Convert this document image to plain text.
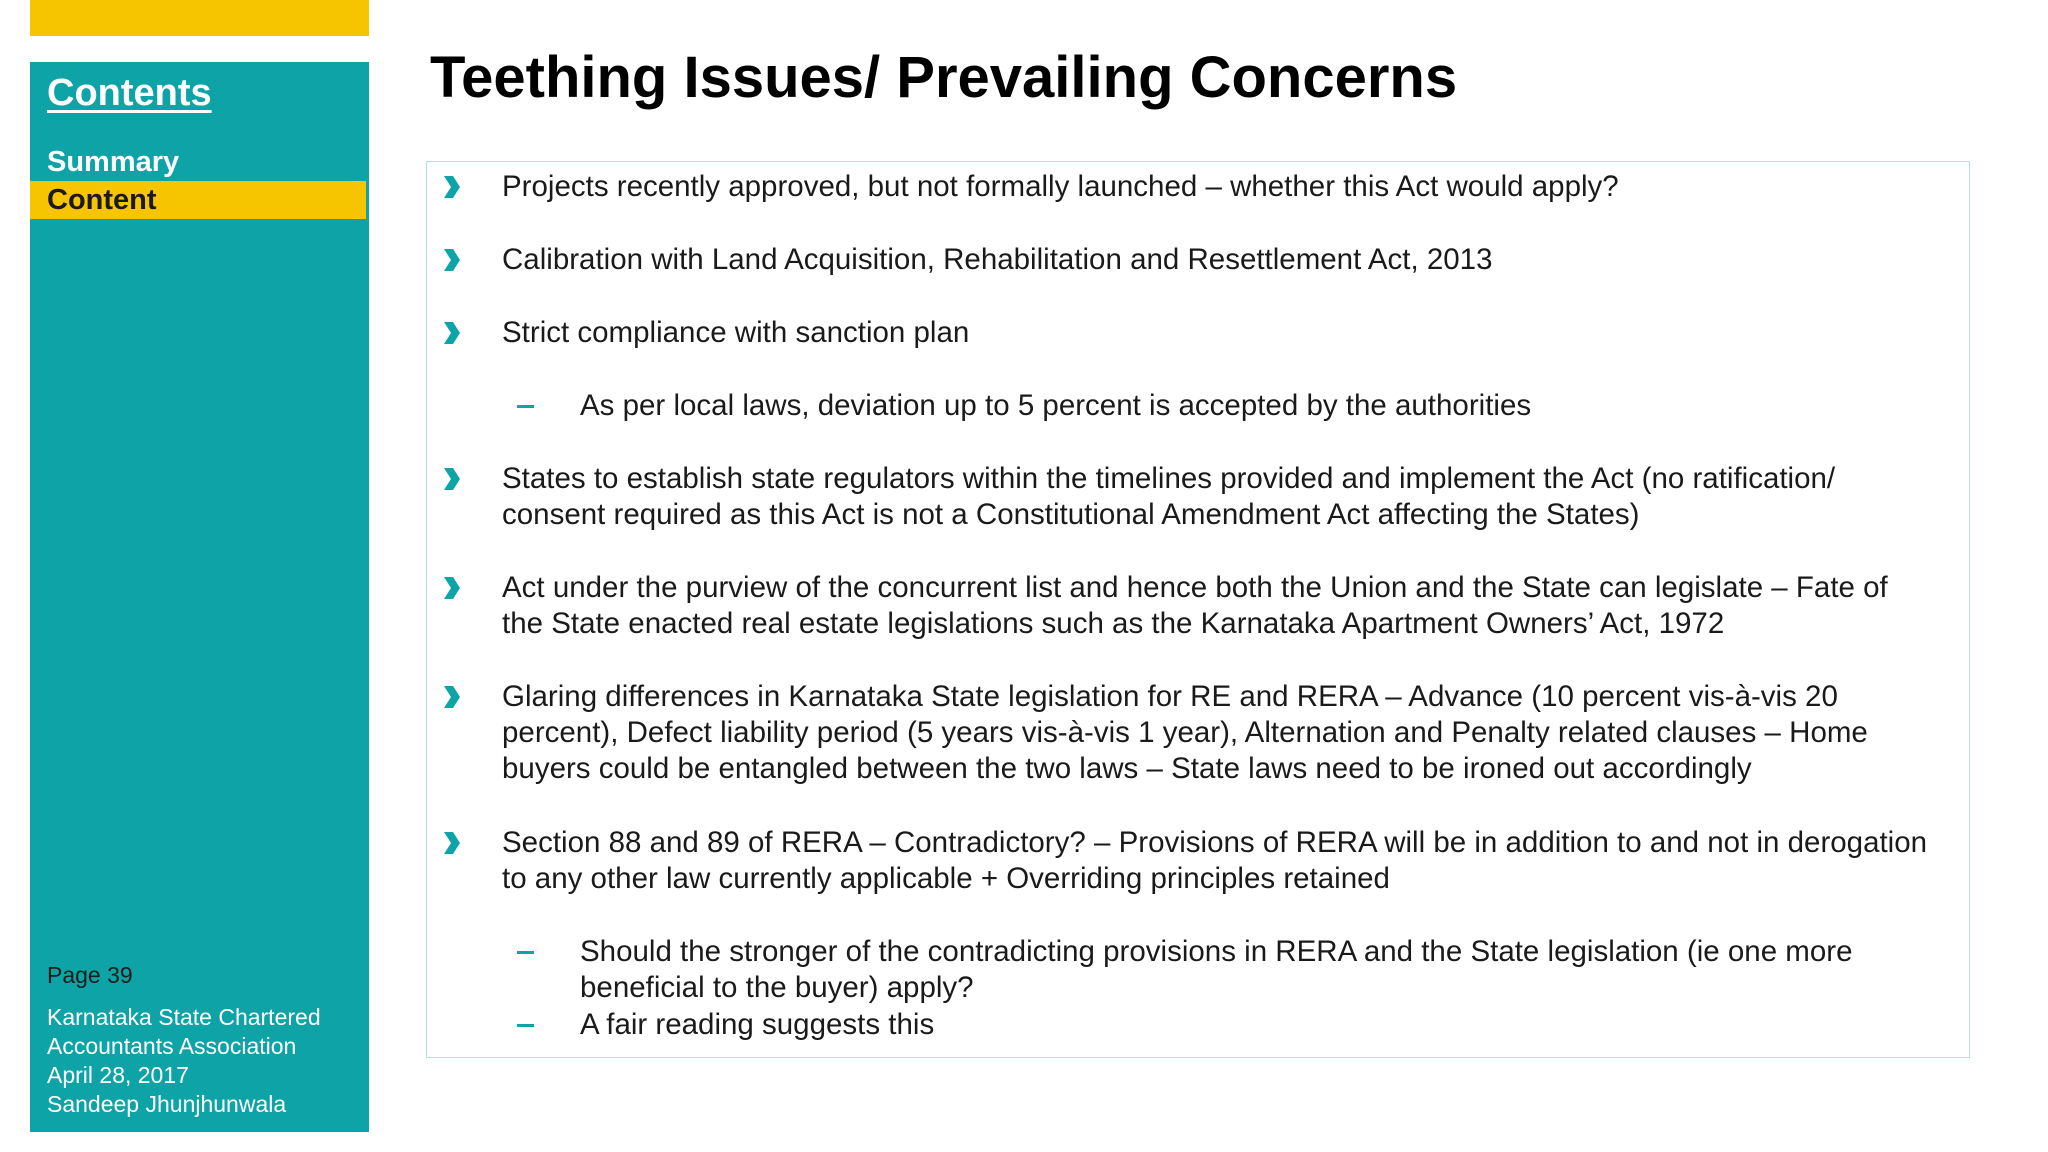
Contents
Summary
Content
Page 39
Karnataka State Chartered
Accountants Association
April 28, 2017
Sandeep Jhunjhunwala
Teething Issues/ Prevailing Concerns
Projects recently approved, but not formally launched – whether this Act would apply?
Calibration with Land Acquisition, Rehabilitation and Resettlement Act, 2013
Strict compliance with sanction plan
As per local laws, deviation up to 5 percent is accepted by the authorities
States to establish state regulators within the timelines provided and implement the Act (no ratification/ consent required as this Act is not a Constitutional Amendment Act affecting the States)
Act under the purview of the concurrent list and hence both the Union and the State can legislate – Fate of the State enacted real estate legislations such as the Karnataka Apartment Owners’ Act, 1972
Glaring differences in Karnataka State legislation for RE and RERA – Advance (10 percent vis-à-vis 20 percent), Defect liability period (5 years vis-à-vis 1 year), Alternation and Penalty related clauses – Home buyers could be entangled between the two laws – State laws need to be ironed out accordingly
Section 88 and 89 of RERA – Contradictory? – Provisions of RERA will be in addition to and not in derogation to any other law currently applicable + Overriding principles retained
Should the stronger of the contradicting provisions in RERA and the State legislation (ie one more beneficial to the buyer) apply?
A fair reading suggests this
